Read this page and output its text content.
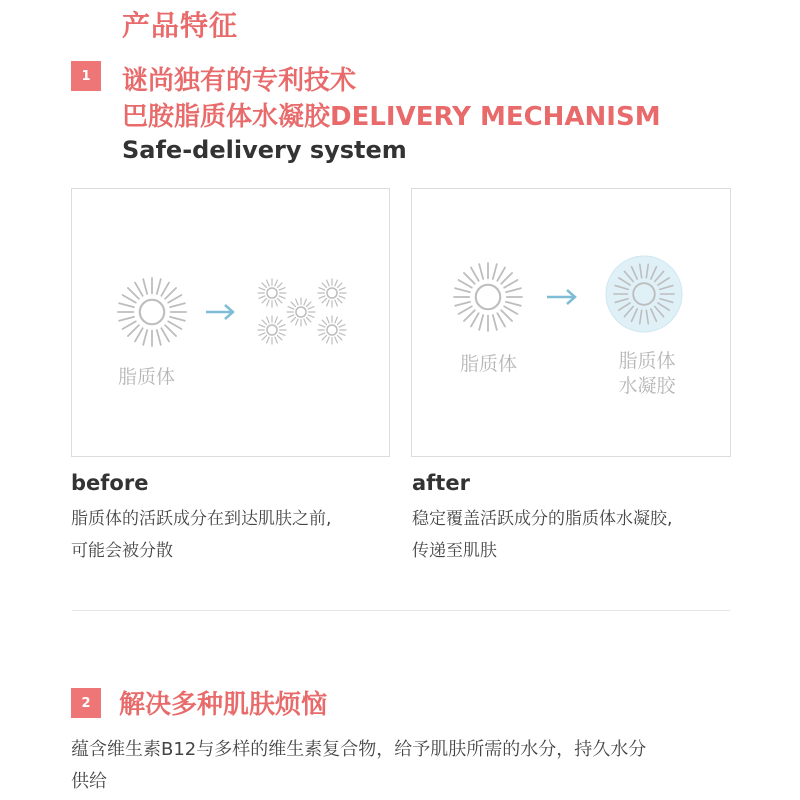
产品特征
1	谜尚独有的专利技术
巴胺脂质体水凝胶DELIVERY MECHANISM
Safe-delivery system
脂质体
脂质体	脂质体
水凝胶
before
脂质体的活跃成分在到达肌肤之前,
可能会被分散
after
稳定覆盖活跃成分的脂质体水凝胶,
传递至肌肤
2	解决多种肌肤烦恼
蕴含维生素B12与多样的维生素复合物，给予肌肤所需的水分，持久水分
供给
